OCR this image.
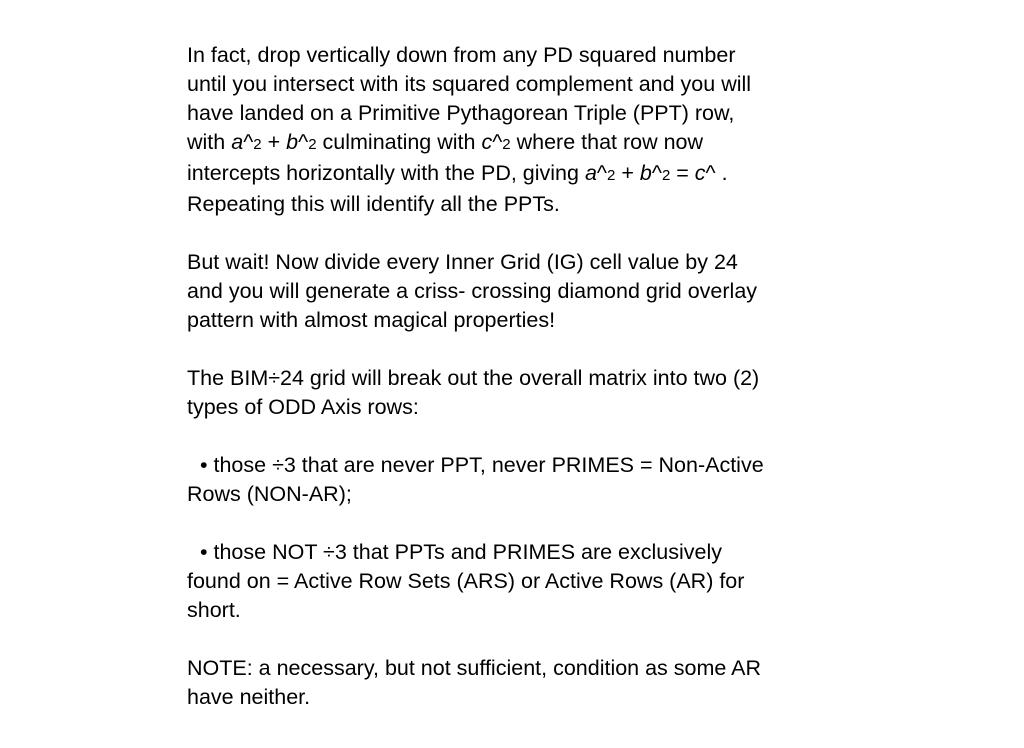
In fact, drop vertically down from any PD squared number
until you intersect with its squared complement and you will
have landed on a Primitive Pythagorean Triple (PPT) row,
with a^2 + b^2 culminating with c^2 where that row now
intercepts horizontally with the PD, giving a^2 + b^2 = c^ .
Repeating this will identify all the PPTs.

But wait! Now divide every Inner Grid (IG) cell value by 24
and you will generate a criss- crossing diamond grid overlay
pattern with almost magical properties!

The BIM÷24 grid will break out the overall matrix into two (2)
types of ODD Axis rows:

• those ÷3 that are never PPT, never PRIMES = Non-Active
Rows (NON-AR);

• those NOT ÷3 that PPTs and PRIMES are exclusively
found on = Active Row Sets (ARS) or Active Rows (AR) for
short.

NOTE: a necessary, but not sufficient, condition as some AR
have neither.
